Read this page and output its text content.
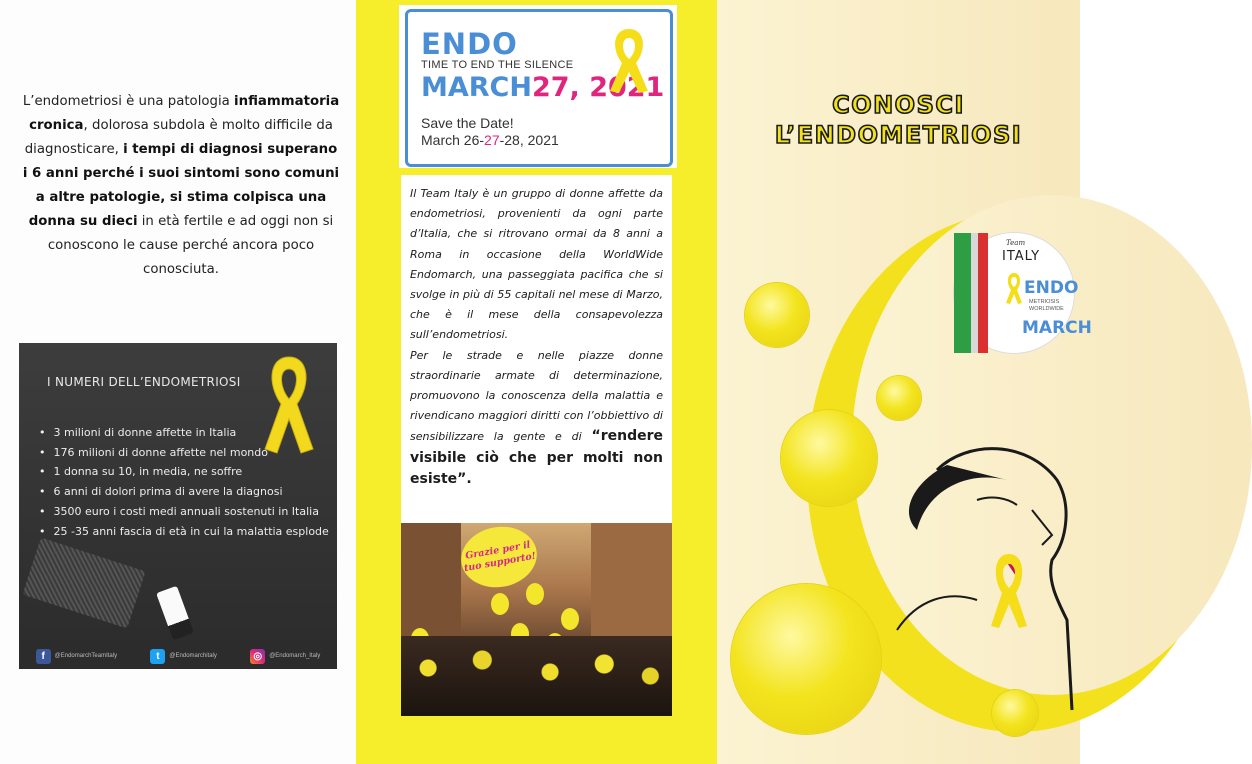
L’endometriosi è una patologia infiammatoria cronica, dolorosa subdola è molto difficile da diagnosticare, i tempi di diagnosi superano i 6 anni perché i suoi sintomi sono comuni a altre patologie, si stima colpisca una donna su dieci in età fertile e ad oggi non si conoscono le cause perché ancora poco conosciuta.
I NUMERI DELL’ENDOMETRIOSI
• 3 milioni di donne affette in Italia
• 176 milioni di donne affette nel mondo
• 1 donna su 10, in media, ne soffre
• 6 anni di dolori prima di avere la diagnosi
• 3500 euro i costi medi annuali sostenuti in Italia
• 25 -35 anni fascia di età in cui la malattia esplode
f	@EndomarchTeamItaly	t	@Endomarchitaly	◎	@Endomarch_Italy
ENDO
TIME TO END THE SILENCE
MARCH27, 2021
Save the Date!
March 26-27-28, 2021
Il Team Italy è un gruppo di donne affette da endometriosi, provenienti da ogni parte d’Italia, che si ritrovano ormai da 8 anni a Roma in occasione della WorldWide Endomarch, una passeggiata pacifica che si svolge in più di 55 capitali nel mese di Marzo, che è il mese della consapevolezza sull’endometriosi.
Per le strade e nelle piazze donne straordinarie armate di determinazione, promuovono la conoscenza della malattia e rivendicano maggiori diritti con l’obbiettivo di sensibilizzare la gente e di “rendere visibile ciò che per molti non esiste”.
Grazie per il tuo supporto!
CONOSCI
L’ENDOMETRIOSI
Team
ITALY
ENDO
METRIOSIS
WORLDWIDE
MARCH
